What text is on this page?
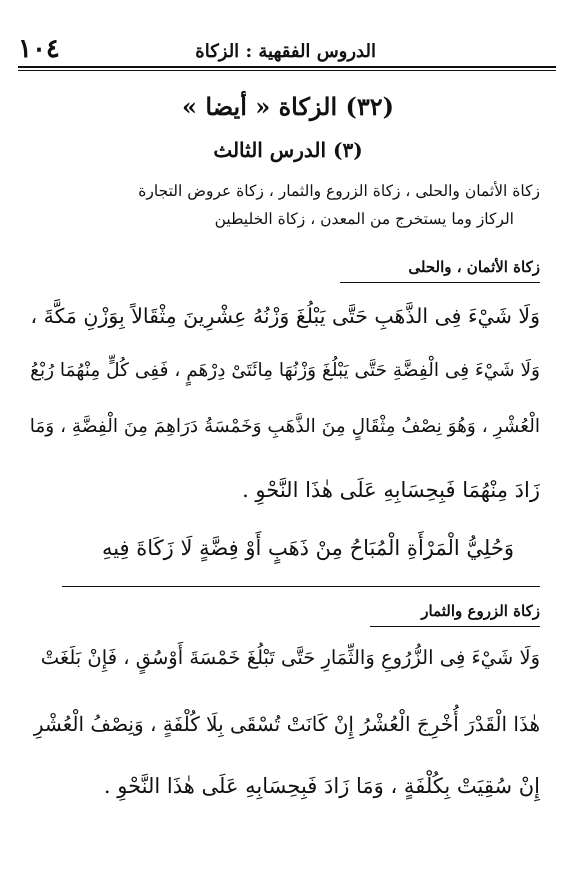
١٠٤	الدروس الفقهية : الزكاة
(٣٢) الزكاة « أيضا »
(٣) الدرس الثالث
زكاة الأثمان والحلى ، زكاة الزروع والثمار ، زكاة عروض التجارة
الركاز وما يستخرج من المعدن ، زكاة الخليطين
زكاة الأثمان ، والحلى
وَلَا شَيْءَ فِى الذَّهَبِ حَتَّى يَبْلُغَ وَزْنُهُ عِشْرِينَ مِثْقَالاً بِوَزْنِ مَكَّةَ ،
وَلَا شَيْءَ فِى الْفِضَّةِ حَتَّى يَبْلُغَ وَزْنُهَا مِائَتَىْ دِرْهَمٍ ، فَفِى كُلٍّ مِنْهُمَا رُبْعُ
الْعُشْرِ ، وَهُوَ نِصْفُ مِثْقَالٍ مِنَ الذَّهَبِ وَخَمْسَةُ دَرَاهِمَ مِنَ الْفِضَّةِ ، وَمَا
زَادَ مِنْهُمَا فَبِحِسَابِهِ عَلَى هٰذَا النَّحْوِ .
وَحُلِيُّ الْمَرْأَةِ الْمُبَاحُ مِنْ ذَهَبٍ أَوْ فِضَّةٍ لَا زَكَاةَ فِيهِ
زكاة الزروع والثمار
وَلَا شَيْءَ فِى الزُّرُوعِ وَالثِّمَارِ حَتَّى تَبْلُغَ خَمْسَةَ أَوْسُقٍ ، فَإِنْ بَلَغَتْ
هٰذَا الْقَدْرَ أُخْرِجَ الْعُشْرُ إِنْ كَانَتْ تُسْقَى بِلَا كُلْفَةٍ ، وَنِصْفُ الْعُشْرِ
إِنْ سُقِيَتْ بِكُلْفَةٍ ، وَمَا زَادَ فَبِحِسَابِهِ عَلَى هٰذَا النَّحْوِ .
